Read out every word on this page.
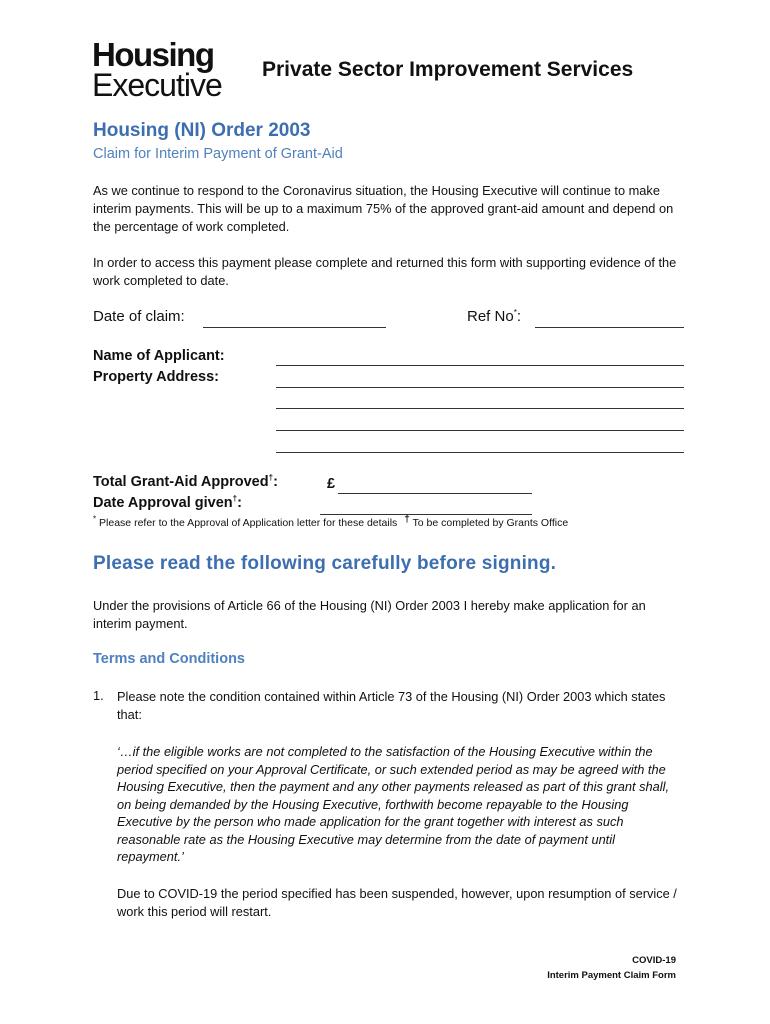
Housing
Executive Private Sector Improvement Services
Housing (NI) Order 2003
Claim for Interim Payment of Grant-Aid
As we continue to respond to the Coronavirus situation, the Housing Executive will continue to make interim payments. This will be up to a maximum 75% of the approved grant-aid amount and depend on the percentage of work completed.
In order to access this payment please complete and returned this form with supporting evidence of the work completed to date.
Date of claim:	Ref No*:
Name of Applicant:
Property Address:
Total Grant-Aid Approved†:	£
Date Approval given†:
* Please refer to the Approval of Application letter for these details † To be completed by Grants Office
Please read the following carefully before signing.
Under the provisions of Article 66 of the Housing (NI) Order 2003 I hereby make application for an interim payment.
Terms and Conditions
1. Please note the condition contained within Article 73 of the Housing (NI) Order 2003 which states that:
‘…if the eligible works are not completed to the satisfaction of the Housing Executive within the period specified on your Approval Certificate, or such extended period as may be agreed with the Housing Executive, then the payment and any other payments released as part of this grant shall, on being demanded by the Housing Executive, forthwith become repayable to the Housing Executive by the person who made application for the grant together with interest as such reasonable rate as the Housing Executive may determine from the date of payment until repayment.’
Due to COVID-19 the period specified has been suspended, however, upon resumption of service / work this period will restart.
COVID-19
Interim Payment Claim Form
